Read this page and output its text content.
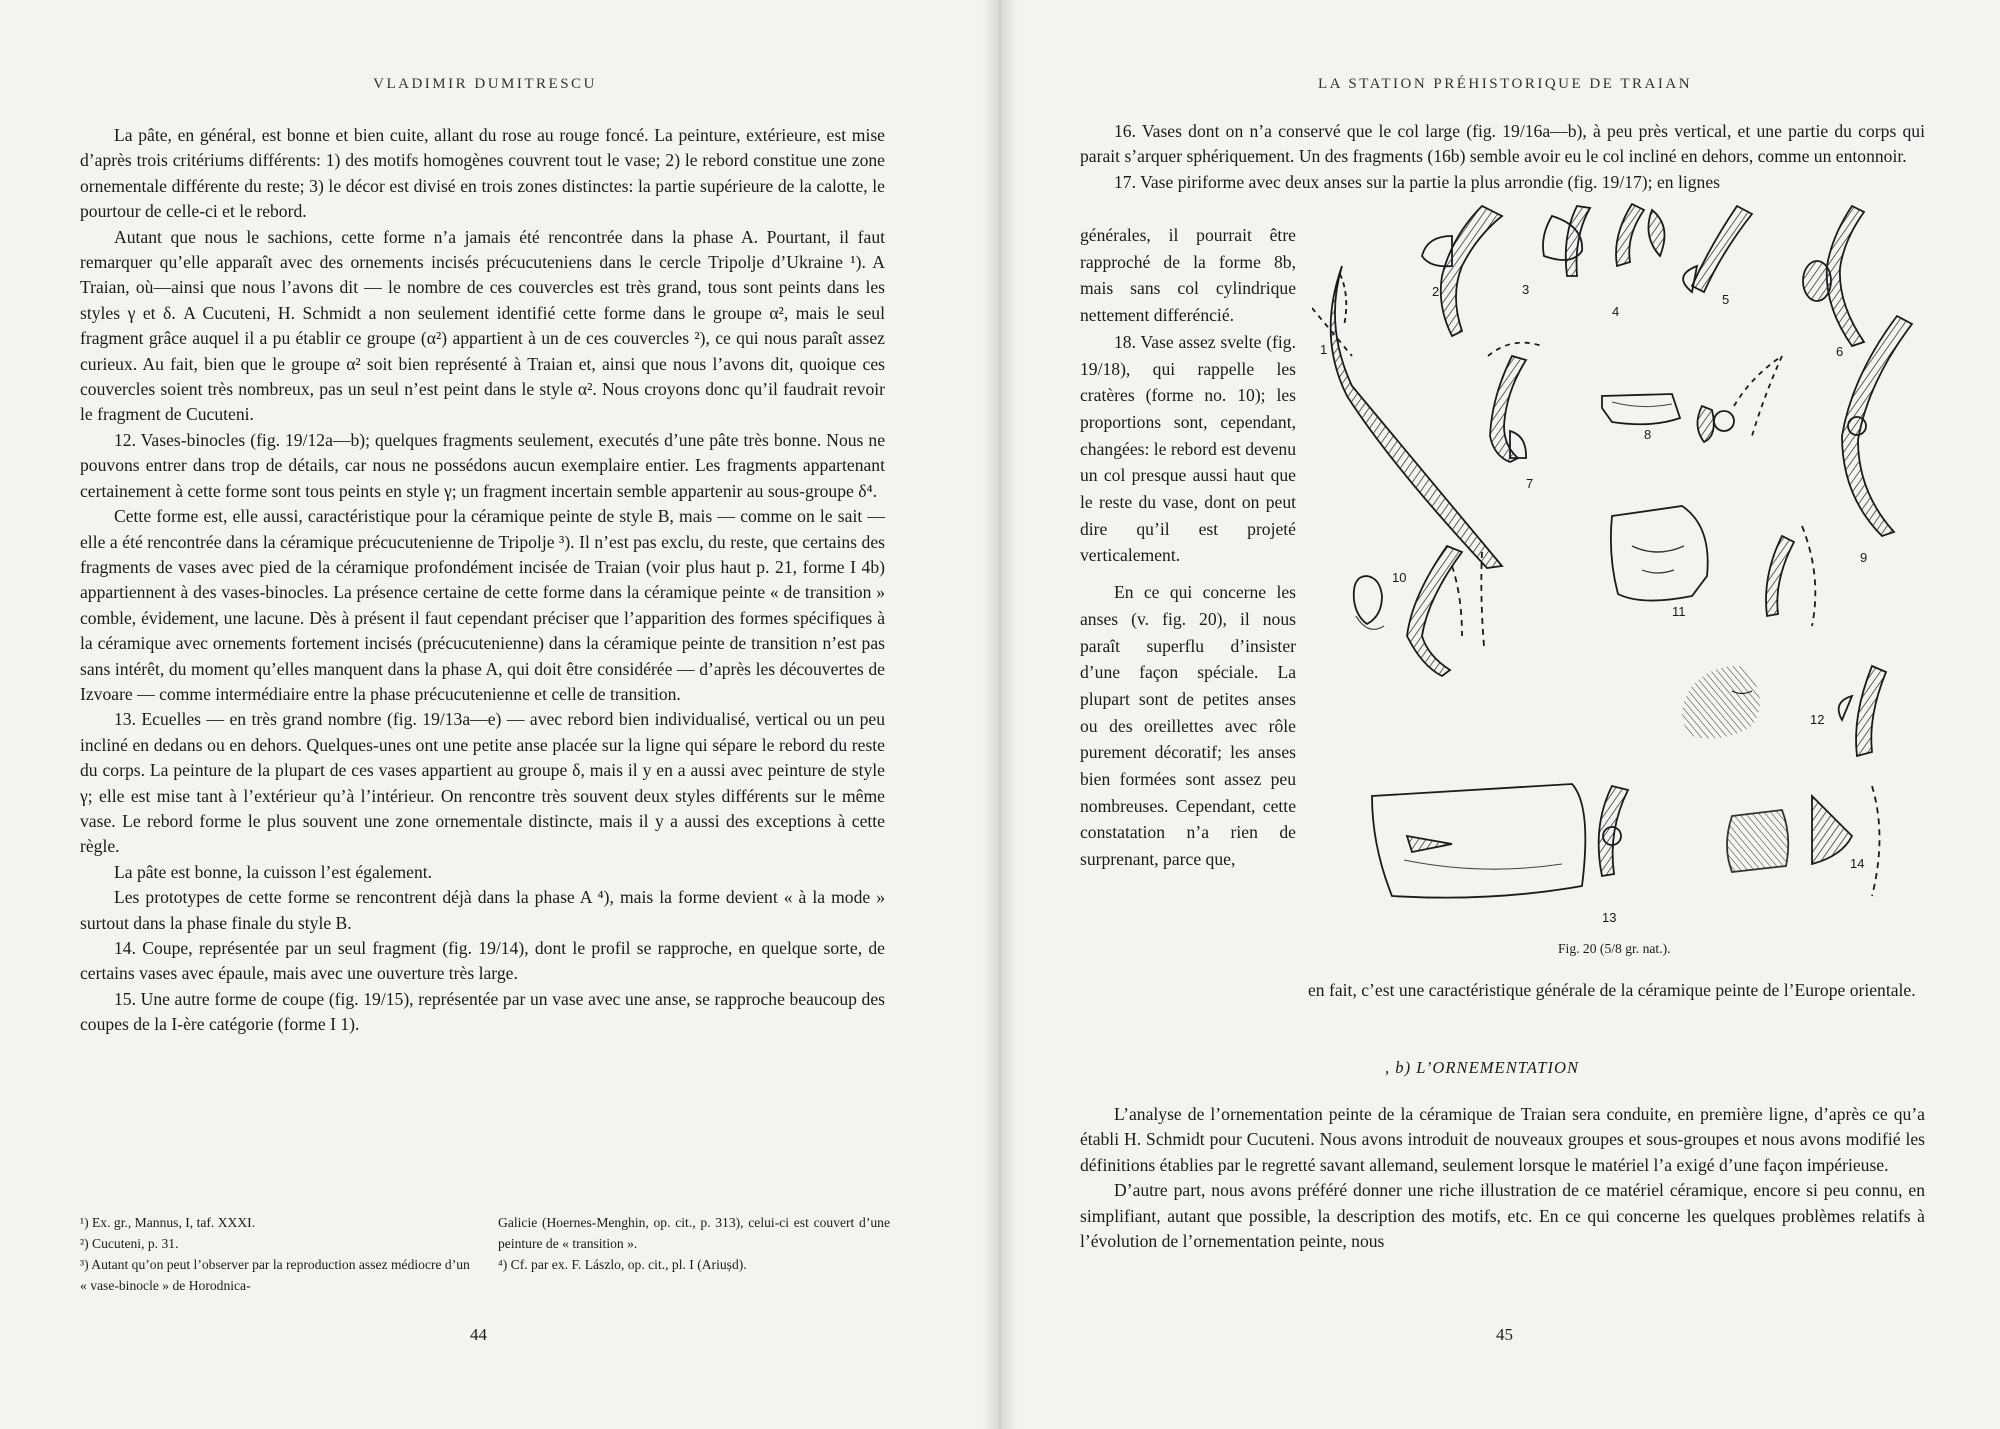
VLADIMIR DUMITRESCU

La pâte, en général, est bonne et bien cuite, allant du rose au rouge foncé. La peinture, extérieure, est mise d’après trois critériums différents: 1) des motifs homogènes couvrent tout le vase; 2) le rebord constitue une zone ornementale différente du reste; 3) le décor est divisé en trois zones distinctes: la partie supérieure de la calotte, le pourtour de celle-ci et le rebord.

Autant que nous le sachions, cette forme n’a jamais été rencontrée dans la phase A. Pourtant, il faut remarquer qu’elle apparaît avec des ornements incisés précucuteniens dans le cercle Tripolje d’Ukraine ¹). A Traian, où—ainsi que nous l’avons dit — le nombre de ces couvercles est très grand, tous sont peints dans les styles γ et δ. A Cucuteni, H. Schmidt a non seulement identifié cette forme dans le groupe α², mais le seul fragment grâce auquel il a pu établir ce groupe (α²) appartient à un de ces couvercles ²), ce qui nous paraît assez curieux. Au fait, bien que le groupe α² soit bien représenté à Traian et, ainsi que nous l’avons dit, quoique ces couvercles soient très nombreux, pas un seul n’est peint dans le style α². Nous croyons donc qu’il faudrait revoir le fragment de Cucuteni.

12. Vases-binocles (fig. 19/12a—b); quelques fragments seulement, executés d’une pâte très bonne. Nous ne pouvons entrer dans trop de détails, car nous ne possédons aucun exemplaire entier. Les fragments appartenant certainement à cette forme sont tous peints en style γ; un fragment incertain semble appartenir au sous-groupe δ⁴.

Cette forme est, elle aussi, caractéristique pour la céramique peinte de style B, mais — comme on le sait — elle a été rencontrée dans la céramique précucutenienne de Tripolje ³). Il n’est pas exclu, du reste, que certains des fragments de vases avec pied de la céramique profondément incisée de Traian (voir plus haut p. 21, forme I 4b) appartiennent à des vases-binocles. La présence certaine de cette forme dans la céramique peinte « de transition » comble, évidement, une lacune. Dès à présent il faut cependant préciser que l’apparition des formes spécifiques à la céramique avec ornements fortement incisés (précucutenienne) dans la céramique peinte de transition n’est pas sans intérêt, du moment qu’elles manquent dans la phase A, qui doit être considérée — d’après les découvertes de Izvoare — comme intermédiaire entre la phase précucutenienne et celle de transition.

13. Ecuelles — en très grand nombre (fig. 19/13a—e) — avec rebord bien individualisé, vertical ou un peu incliné en dedans ou en dehors. Quelques-unes ont une petite anse placée sur la ligne qui sépare le rebord du reste du corps. La peinture de la plupart de ces vases appartient au groupe δ, mais il y en a aussi avec peinture de style γ; elle est mise tant à l’extérieur qu’à l’intérieur. On rencontre très souvent deux styles différents sur le même vase. Le rebord forme le plus souvent une zone ornementale distincte, mais il y a aussi des exceptions à cette règle.

La pâte est bonne, la cuisson l’est également.

Les prototypes de cette forme se rencontrent déjà dans la phase A ⁴), mais la forme devient « à la mode » surtout dans la phase finale du style B.

14. Coupe, représentée par un seul fragment (fig. 19/14), dont le profil se rapproche, en quelque sorte, de certains vases avec épaule, mais avec une ouverture très large.

15. Une autre forme de coupe (fig. 19/15), représentée par un vase avec une anse, se rapproche beaucoup des coupes de la I-ère catégorie (forme I 1).

¹) Ex. gr., Mannus, I, taf. XXXI.

²) Cucuteni, p. 31.

³) Autant qu’on peut l’observer par la reproduction assez médiocre d’un « vase-binocle » de Horodnica-

Galicie (Hoernes-Menghin, op. cit., p. 313), celui-ci est couvert d’une peinture de « transition ».

⁴) Cf. par ex. F. Lászlo, op. cit., pl. I (Ariușd).

44
LA STATION PRÉHISTORIQUE DE TRAIAN

16. Vases dont on n’a conservé que le col large (fig. 19/16a—b), à peu près vertical, et une partie du corps qui parait s’arquer sphériquement. Un des fragments (16b) semble avoir eu le col incliné en dehors, comme un entonnoir.

17. Vase piriforme avec deux anses sur la partie la plus arrondie (fig. 19/17); en lignes

générales, il pourrait être rapproché de la forme 8b, mais sans col cylindrique nettement differéncié.

18. Vase assez svelte (fig. 19/18), qui rappelle les cratères (forme no. 10); les proportions sont, cependant, changées: le rebord est devenu un col presque aussi haut que le reste du vase, dont on peut dire qu’il est projeté verticalement.

En ce qui concerne les anses (v. fig. 20), il nous paraît superflu d’insister d’une façon spéciale. La plupart sont de petites anses ou des oreillettes avec rôle purement décoratif; les anses bien formées sont assez peu nombreuses. Cependant, cette constatation n’a rien de surprenant, parce que,

1
2	3
4
5
6
7
8
9
10
11
12
13
14
Fig. 20 (5/8 gr. nat.).

en fait, c’est une caractéristique générale de la céramique peinte de l’Europe orientale.

, b) L’ORNEMENTATION

L’analyse de l’ornementation peinte de la céramique de Traian sera conduite, en première ligne, d’après ce qu’a établi H. Schmidt pour Cucuteni. Nous avons introduit de nouveaux groupes et sous-groupes et nous avons modifié les définitions établies par le regretté savant allemand, seulement lorsque le matériel l’a exigé d’une façon impérieuse.

D’autre part, nous avons préféré donner une riche illustration de ce matériel céramique, encore si peu connu, en simplifiant, autant que possible, la description des motifs, etc. En ce qui concerne les quelques problèmes relatifs à l’évolution de l’ornementation peinte, nous

45
